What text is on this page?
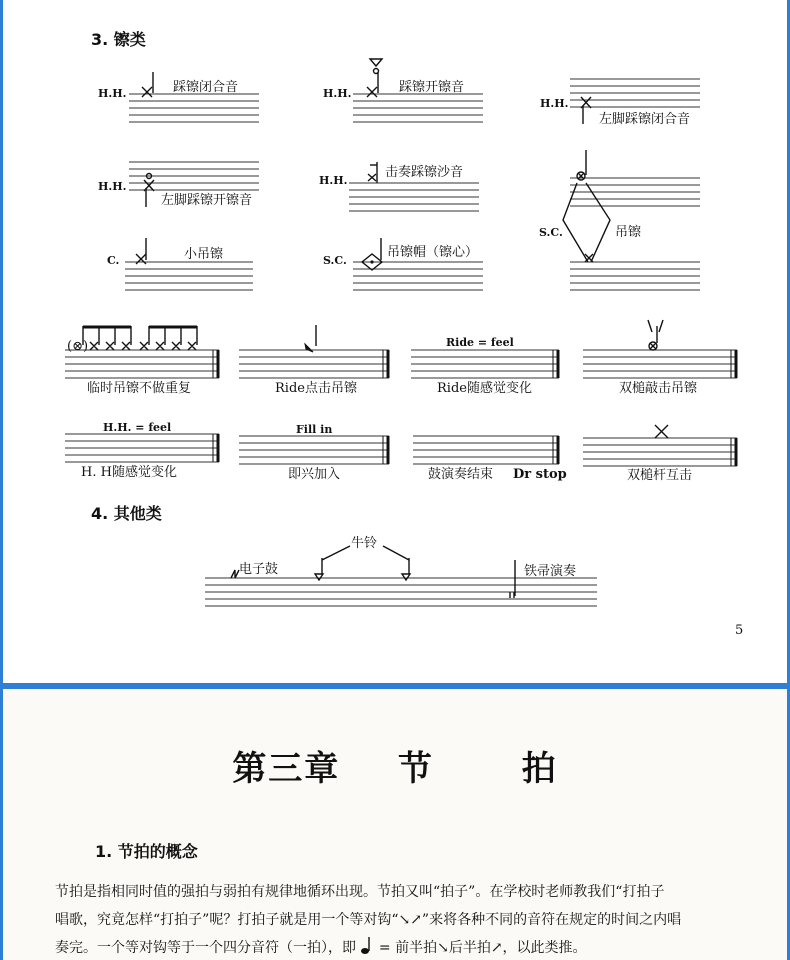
3. 镲类
4. 其他类
5
H.H.	踩镲闭合音	H.H.	踩镲开镲音
H.H.
左脚踩镲闭合音
H.H.
左脚踩镲开镲音
H.H.
击奏踩镲沙音
S.C.	吊镲
C.	小吊镲	S.C.
吊镲帽（镲心）
(⊗)
临时吊镲不做重复	Ride点击吊镲
Ride = feel
Ride随感觉变化	双槌敲击吊镲
H.H. = feel
H. H随感觉变化
Fill in
即兴加入	鼓演奏结束 Dr stop	双槌杆互击
电子鼓
牛铃
铁帚演奏
第三章 节	拍
1. 节拍的概念
节拍是指相同时值的强拍与弱拍有规律地循环出现。节拍又叫“拍子”。在学校时老师教我们“打拍子
唱歌，究竟怎样“打拍子”呢？打拍子就是用一个等对钩“↘↗”来将各种不同的音符在规定的时间之内唱
奏完。一个等对钩等于一个四分音符（一拍），即 = 前半拍↘后半拍↗，以此类推。
